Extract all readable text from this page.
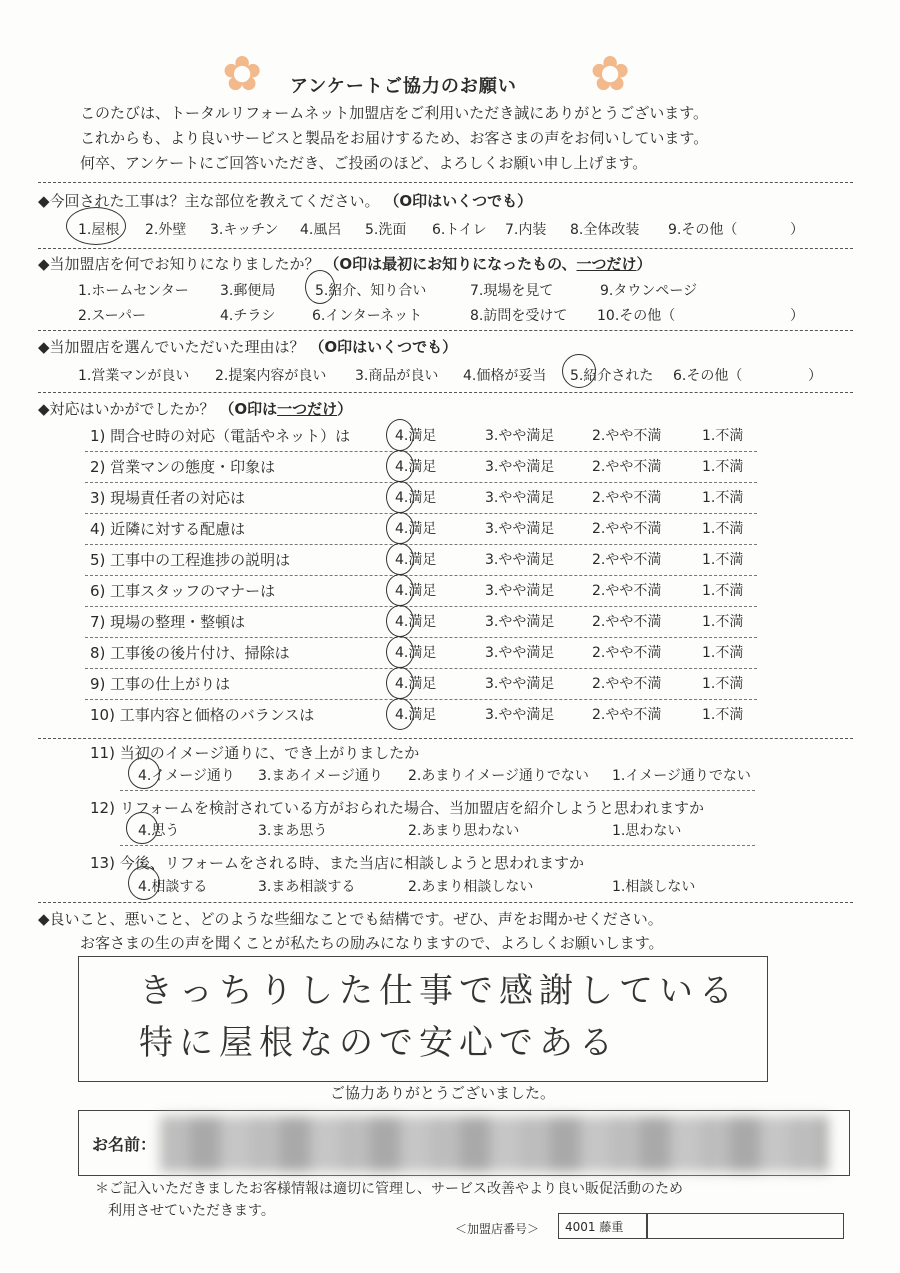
✿	✿
アンケートご協力のお願い
このたびは、トータルリフォームネット加盟店をご利用いただき誠にありがとうございます。
これからも、より良いサービスと製品をお届けするため、お客さまの声をお伺いしています。
何卒、アンケートにご回答いただき、ご投函のほど、よろしくお願い申し上げます。
◆今回された工事は？主な部位を教えてください。 （O印はいくつでも）
1.屋根 2.外壁 3.キッチン 4.風呂 5.洗面 6.トイレ 7.内装 8.全体改装 9.その他（	）
◆当加盟店を何でお知りになりましたか？ （O印は最初にお知りになったもの、一つだけ）
1.ホームセンター 3.郵便局	5.紹介、知り合い	7.現場を見て	9.タウンページ
2.スーパー	4.チラシ	6.インターネット	8.訪問を受けて 10.その他（	）
◆当加盟店を選んでいただいた理由は？ （O印はいくつでも）
1.営業マンが良い 2.提案内容が良い 3.商品が良い 4.価格が妥当 5.紹介された 6.その他（	）
◆対応はいかがでしたか？ （O印は一つだけ）
1) 問合せ時の対応（電話やネット）は	4.満足	3.やや満足	2.やや不満	1.不満
2) 営業マンの態度・印象は	4.満足	3.やや満足	2.やや不満	1.不満
3) 現場責任者の対応は	4.満足	3.やや満足	2.やや不満	1.不満
4) 近隣に対する配慮は	4.満足	3.やや満足	2.やや不満	1.不満
5) 工事中の工程進捗の説明は	4.満足	3.やや満足	2.やや不満	1.不満
6) 工事スタッフのマナーは	4.満足	3.やや満足	2.やや不満	1.不満
7) 現場の整理・整頓は	4.満足	3.やや満足	2.やや不満	1.不満
8) 工事後の後片付け、掃除は	4.満足	3.やや満足	2.やや不満	1.不満
9) 工事の仕上がりは	4.満足	3.やや満足	2.やや不満	1.不満
10) 工事内容と価格のバランスは	4.満足	3.やや満足	2.やや不満	1.不満
11) 当初のイメージ通りに、でき上がりましたか
4.イメージ通り 3.まあイメージ通り 2.あまりイメージ通りでない 1.イメージ通りでない
12) リフォームを検討されている方がおられた場合、当加盟店を紹介しようと思われますか
4.思う	3.まあ思う	2.あまり思わない	1.思わない
13) 今後、リフォームをされる時、また当店に相談しようと思われますか
4.相談する	3.まあ相談する	2.あまり相談しない	1.相談しない
◆良いこと、悪いこと、どのような些細なことでも結構です。ぜひ、声をお聞かせください。
お客さまの生の声を聞くことが私たちの励みになりますので、よろしくお願いします。
きっちりした仕事で感謝している
特に屋根なので安心である
ご協力ありがとうございました。
お名前：
＊ご記入いただきましたお客様情報は適切に管理し、サービス改善やより良い販促活動のため
利用させていただきます。
＜加盟店番号＞ 4001 藤重
